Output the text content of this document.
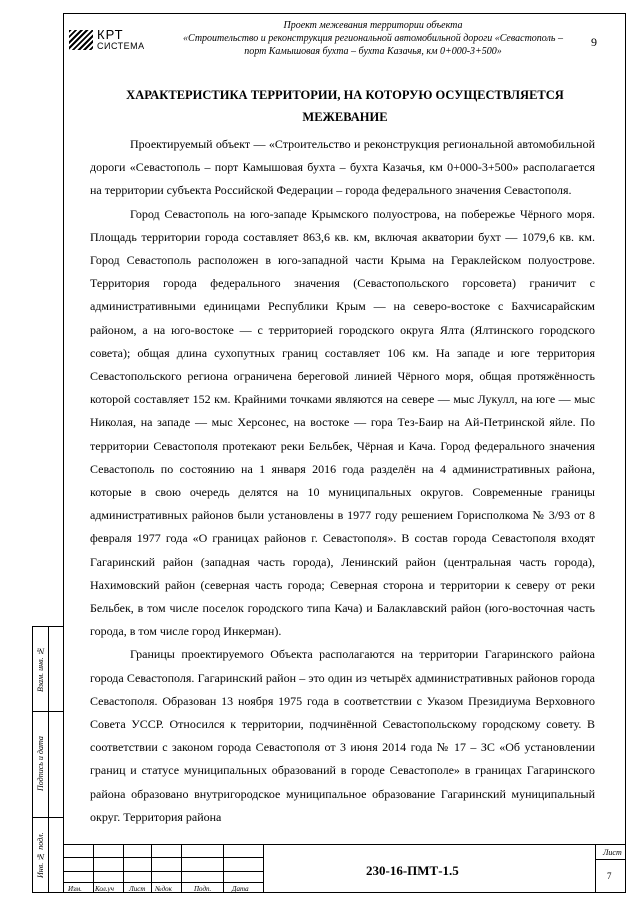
Взам. инв. №
Подпись и дата
Инв. № подл.
КРТ
СИСТЕМА
Проект межевания территории объекта
«Строительство и реконструкция региональной автомобильной дороги «Севастополь –
порт Камышовая бухта – бухта Казачья, км 0+000-3+500»
9
ХАРАКТЕРИСТИКА ТЕРРИТОРИИ, НА КОТОРУЮ ОСУЩЕСТВЛЯЕТСЯ
МЕЖЕВАНИЕ

Проектируемый объект — «Строительство и реконструкция региональной автомобильной дороги «Севастополь – порт Камышовая бухта – бухта Казачья, км 0+000-3+500» располагается на территории субъекта Российской Федерации – города федерального значения Севастополя.

Город Севастополь на юго-западе Крымского полуострова, на побережье Чёрного моря. Площадь территории города составляет 863,6 кв. км, включая акватории бухт — 1079,6 кв. км. Город Севастополь расположен в юго-западной части Крыма на Гераклейском полуострове. Территория города федерального значения (Севастопольского горсовета) граничит с административными единицами Республики Крым — на северо-востоке с Бахчисарайским районом, а на юго-востоке — с территорией городского округа Ялта (Ялтинского городского совета); общая длина сухопутных границ составляет 106 км. На западе и юге территория Севастопольского региона ограничена береговой линией Чёрного моря, общая протяжённость которой составляет 152 км. Крайними точками являются на севере — мыс Лукулл, на юге — мыс Николая, на западе — мыс Херсонес, на востоке — гора Тез-Баир на Ай-Петринской яйле. По территории Севастополя протекают реки Бельбек, Чёрная и Кача. Город федерального значения Севастополь по состоянию на 1 января 2016 года разделён на 4 административных района, которые в свою очередь делятся на 10 муниципальных округов. Современные границы административных районов были установлены в 1977 году решением Горисполкома № 3/93 от 8 февраля 1977 года «О границах районов г. Севастополя». В состав города Севастополя входят Гагаринский район (западная часть города), Ленинский район (центральная часть города), Нахимовский район (северная часть города; Северная сторона и территории к северу от реки Бельбек, в том числе поселок городского типа Кача) и Балаклавский район (юго-восточная часть города, в том числе город Инкерман).

Границы проектируемого Объекта располагаются на территории Гагаринского района города Севастополя. Гагаринский район – это один из четырёх административных районов города Севастополя. Образован 13 ноября 1975 года в соответствии с Указом Президиума Верховного Совета УССР. Относился к территории, подчинённой Севастопольскому городскому совету. В соответствии с законом города Севастополя от 3 июня 2014 года № 17 – ЗС «Об установлении границ и статусе муниципальных образований в городе Севастополе» в границах Гагаринского района образовано внутригородское муниципальное образование Гагаринский муниципальный округ. Территория района

Изм. Кол.уч Лист №док	Подп.	Дата
230-16-ПМТ-1.5
Лист
7
